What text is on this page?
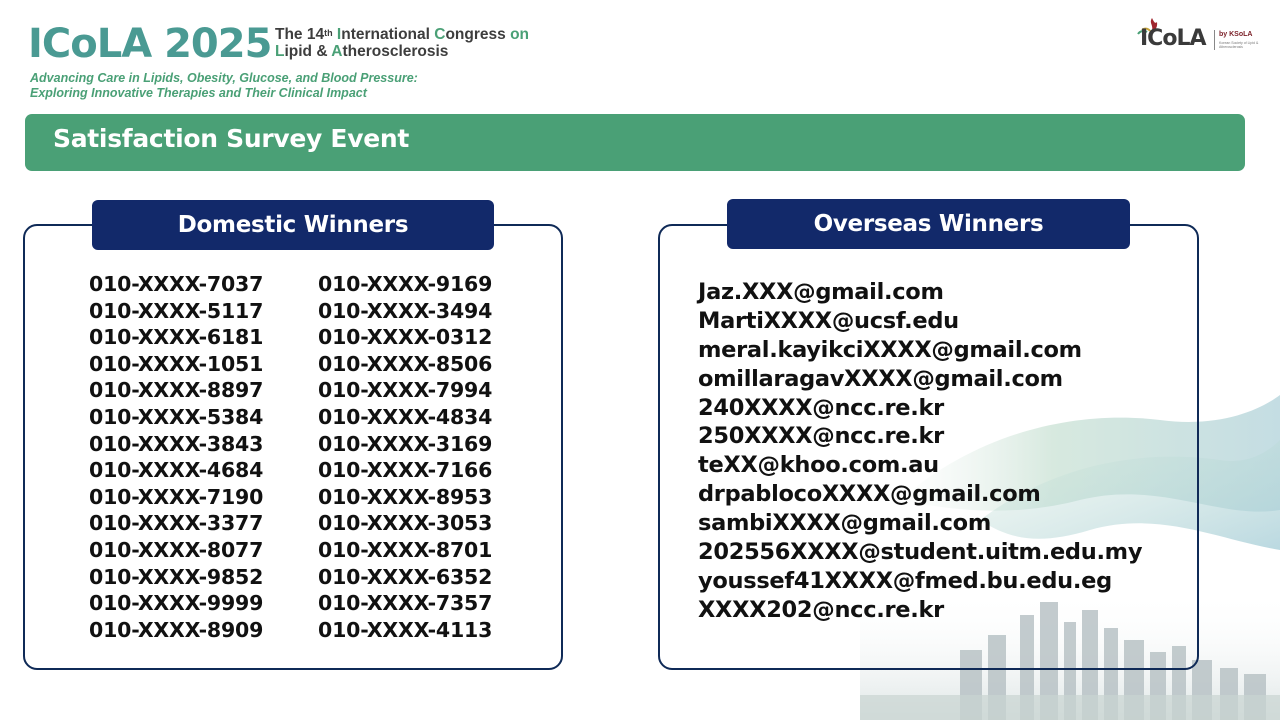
ICoLA 2025 The 14th International Congress on
Lipid & Atherosclerosis
Advancing Care in Lipids, Obesity, Glucose, and Blood Pressure:
Exploring Innovative Therapies and Their Clinical Impact
ICoLA by KSoLA
Korean Society of Lipid & Atherosclerosis
Satisfaction Survey Event
Domestic Winners
010-XXXX-7037
010-XXXX-5117
010-XXXX-6181
010-XXXX-1051
010-XXXX-8897
010-XXXX-5384
010-XXXX-3843
010-XXXX-4684
010-XXXX-7190
010-XXXX-3377
010-XXXX-8077
010-XXXX-9852
010-XXXX-9999
010-XXXX-8909
010-XXXX-9169
010-XXXX-3494
010-XXXX-0312
010-XXXX-8506
010-XXXX-7994
010-XXXX-4834
010-XXXX-3169
010-XXXX-7166
010-XXXX-8953
010-XXXX-3053
010-XXXX-8701
010-XXXX-6352
010-XXXX-7357
010-XXXX-4113
Overseas Winners
Jaz.XXX@gmail.com
MartiXXXX@ucsf.edu
meral.kayikciXXXX@gmail.com
omillaragavXXXX@gmail.com
240XXXX@ncc.re.kr
250XXXX@ncc.re.kr
teXX@khoo.com.au
drpablocoXXXX@gmail.com
sambiXXXX@gmail.com
202556XXXX@student.uitm.edu.my
youssef41XXXX@fmed.bu.edu.eg
XXXX202@ncc.re.kr
